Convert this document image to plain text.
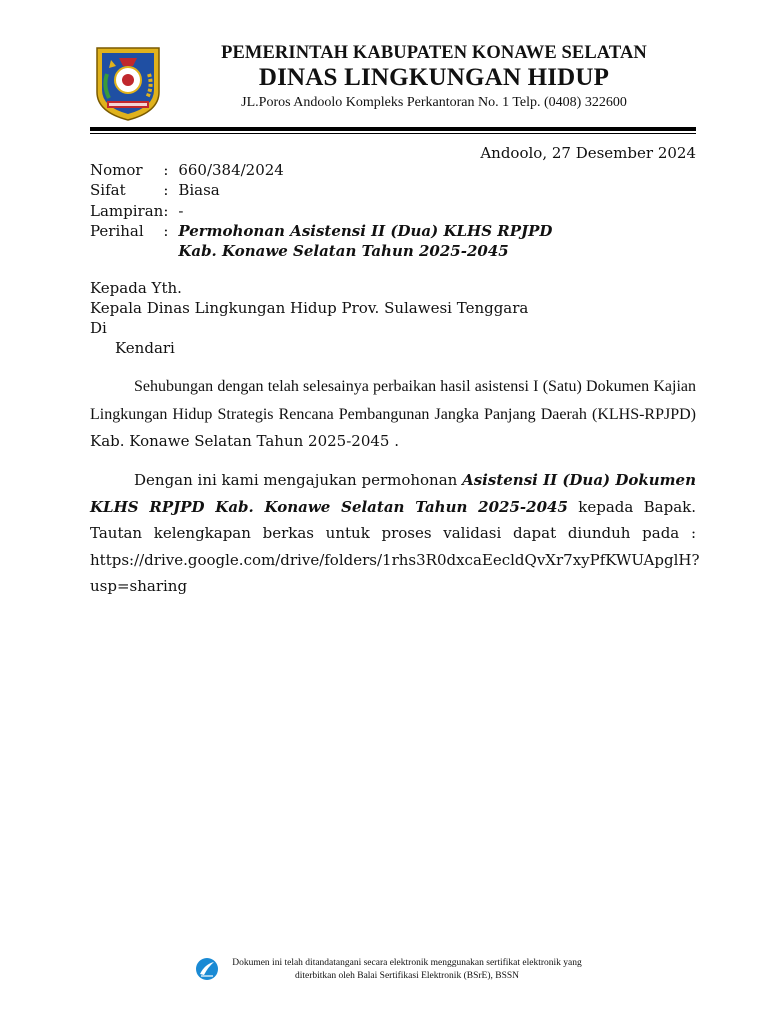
PEMERINTAH KABUPATEN KONAWE SELATAN
DINAS LINGKUNGAN HIDUP
JL.Poros Andoolo Kompleks Perkantoran No. 1 Telp. (0408) 322600
Andoolo, 27 Desember 2024
Nomor	:	660/384/2024
Sifat	:	Biasa
Lampiran	:	-
Perihal	:	Permohonan Asistensi II (Dua) KLHS RPJPD
Kab. Konawe Selatan Tahun 2025-2045
Kepada Yth.
Kepala Dinas Lingkungan Hidup Prov. Sulawesi Tenggara
Di
Kendari
Sehubungan dengan telah selesainya perbaikan hasil asistensi I (Satu) Dokumen Kajian Lingkungan Hidup Strategis Rencana Pembangunan Jangka Panjang Daerah (KLHS-RPJPD) Kab. Konawe Selatan Tahun 2025-2045 .
Dengan ini kami mengajukan permohonan Asistensi II (Dua) Dokumen KLHS RPJPD Kab. Konawe Selatan Tahun 2025-2045 kepada Bapak. Tautan kelengkapan berkas untuk proses validasi dapat diunduh pada : https://drive.google.com/drive/folders/1rhs3R0dxcaEecldQvXr7xyPfKWUApglH?usp=sharing
Dokumen ini telah ditandatangani secara elektronik menggunakan sertifikat elektronik yang
diterbitkan oleh Balai Sertifikasi Elektronik (BSrE), BSSN
